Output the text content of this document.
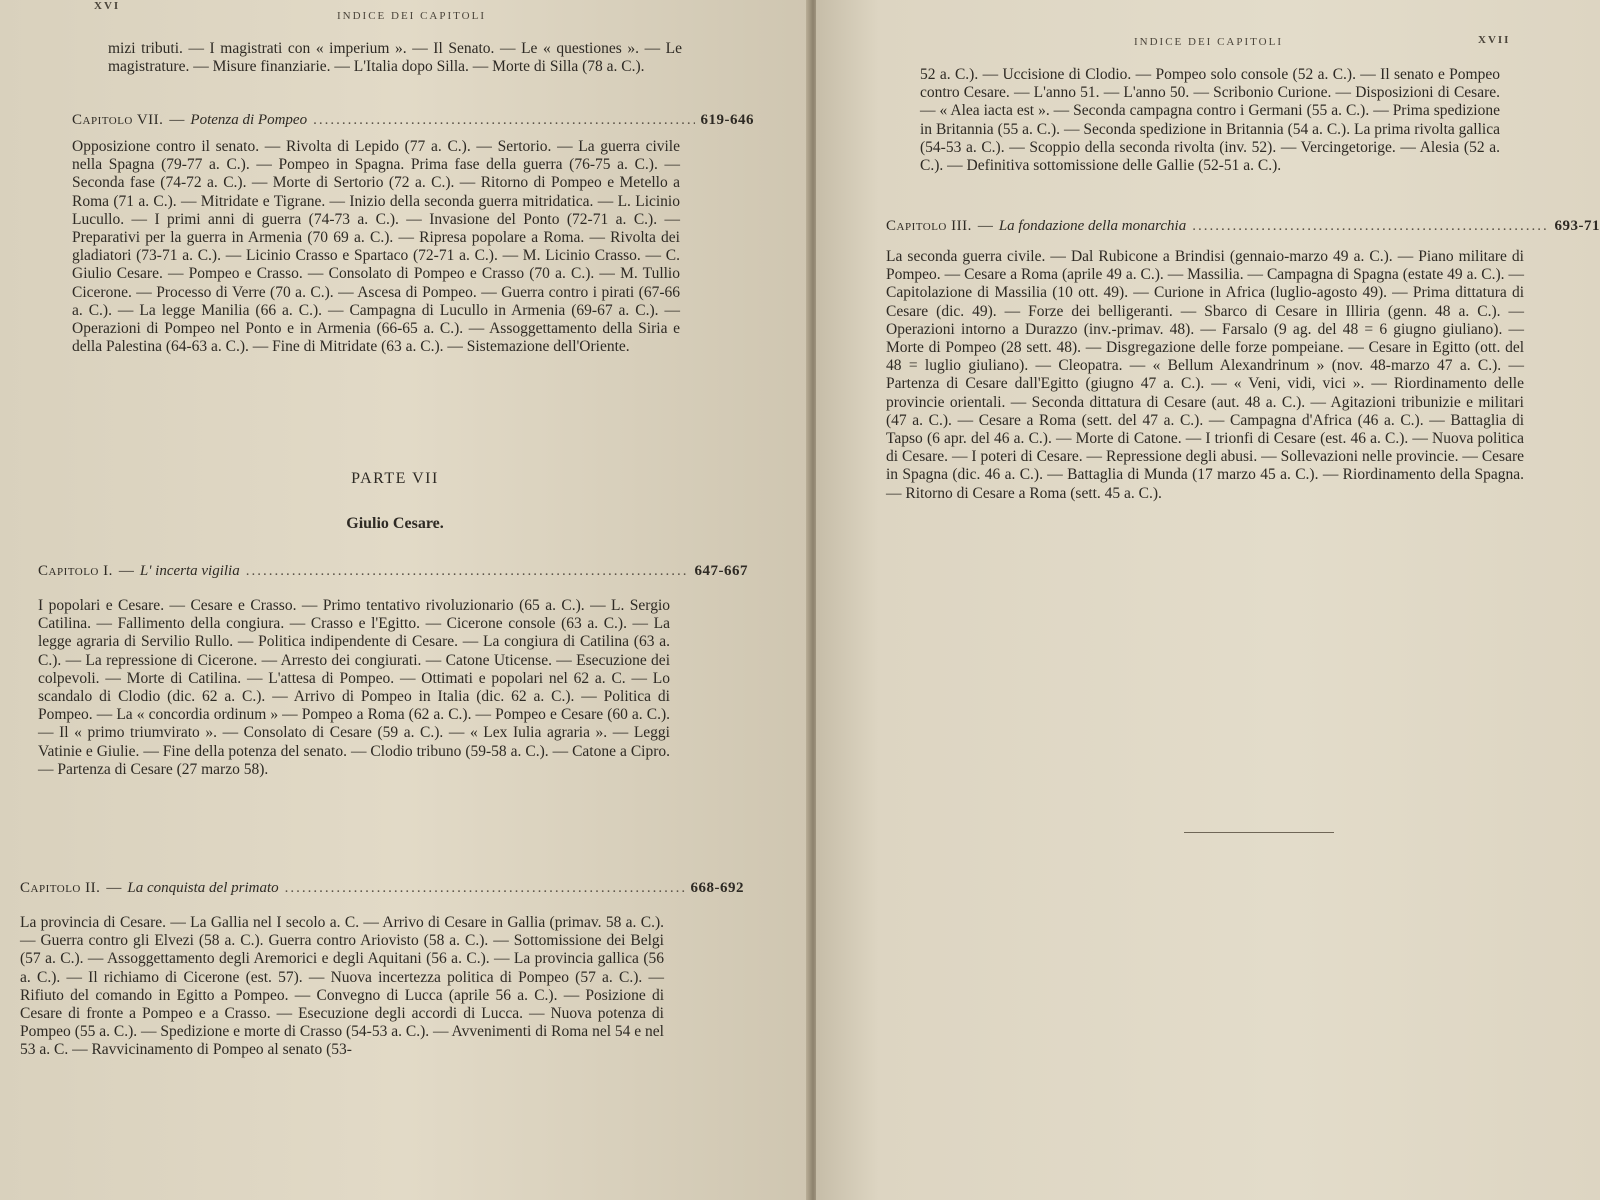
XVI
INDICE DEI CAPITOLI

mizi tributi. — I magistrati con « imperium ». — Il Senato. — Le « questiones ». — Le magistrature. — Misure finanziarie. — L'Italia dopo Silla. — Morte di Silla (78 a. C.).

Capitolo VII. — Potenza di Pompeo .....	619-646

Opposizione contro il senato. — Rivolta di Lepido (77 a. C.). — Sertorio. — La guerra civile nella Spagna (79-77 a. C.). — Pompeo in Spagna. Prima fase della guerra (76-75 a. C.). — Seconda fase (74-72 a. C.). — Morte di Sertorio (72 a. C.). — Ritorno di Pompeo e Metello a Roma (71 a. C.). — Mitridate e Tigrane. — Inizio della seconda guerra mitridatica. — L. Licinio Lucullo. — I primi anni di guerra (74-73 a. C.). — Invasione del Ponto (72-71 a. C.). — Preparativi per la guerra in Armenia (70 69 a. C.). — Ripresa popolare a Roma. — Rivolta dei gladiatori (73-71 a. C.). — Licinio Crasso e Spartaco (72-71 a. C.). — M. Licinio Crasso. — C. Giulio Cesare. — Pompeo e Crasso. — Consolato di Pompeo e Crasso (70 a. C.). — M. Tullio Cicerone. — Processo di Verre (70 a. C.). — Ascesa di Pompeo. — Guerra contro i pirati (67-66 a. C.). — La legge Manilia (66 a. C.). — Campagna di Lucullo in Armenia (69-67 a. C.). — Operazioni di Pompeo nel Ponto e in Armenia (66-65 a. C.). — Assoggettamento della Siria e della Palestina (64-63 a. C.). — Fine di Mitridate (63 a. C.). — Sistemazione dell'Oriente.

PARTE VII
Giulio Cesare.
Capitolo I. — L' incerta vigilia .....	647-667

I popolari e Cesare. — Cesare e Crasso. — Primo tentativo rivoluzionario (65 a. C.). — L. Sergio Catilina. — Fallimento della congiura. — Crasso e l'Egitto. — Cicerone console (63 a. C.). — La legge agraria di Servilio Rullo. — Politica indipendente di Cesare. — La congiura di Catilina (63 a. C.). — La repressione di Cicerone. — Arresto dei congiurati. — Catone Uticense. — Esecuzione dei colpevoli. — Morte di Catilina. — L'attesa di Pompeo. — Ottimati e popolari nel 62 a. C. — Lo scandalo di Clodio (dic. 62 a. C.). — Arrivo di Pompeo in Italia (dic. 62 a. C.). — Politica di Pompeo. — La « concordia ordinum » — Pompeo a Roma (62 a. C.). — Pompeo e Cesare (60 a. C.). — Il « primo triumvirato ». — Consolato di Cesare (59 a. C.). — « Lex Iulia agraria ». — Leggi Vatinie e Giulie. — Fine della potenza del senato. — Clodio tribuno (59-58 a. C.). — Catone a Cipro. — Partenza di Cesare (27 marzo 58).

Capitolo II. — La conquista del primato .....	668-692

La provincia di Cesare. — La Gallia nel I secolo a. C. — Arrivo di Cesare in Gallia (primav. 58 a. C.). — Guerra contro gli Elvezi (58 a. C.). Guerra contro Ariovisto (58 a. C.). — Sottomissione dei Belgi (57 a. C.). — Assoggettamento degli Aremorici e degli Aquitani (56 a. C.). — La provincia gallica (56 a. C.). — Il richiamo di Cicerone (est. 57). — Nuova incertezza politica di Pompeo (57 a. C.). — Rifiuto del comando in Egitto a Pompeo. — Convegno di Lucca (aprile 56 a. C.). — Posizione di Cesare di fronte a Pompeo e a Crasso. — Esecuzione degli accordi di Lucca. — Nuova potenza di Pompeo (55 a. C.). — Spedizione e morte di Crasso (54-53 a. C.). — Avvenimenti di Roma nel 54 e nel 53 a. C. — Ravvicinamento di Pompeo al senato (53-

INDICE DEI CAPITOLI	XVII

52 a. C.). — Uccisione di Clodio. — Pompeo solo console (52 a. C.). — Il senato e Pompeo contro Cesare. — L'anno 51. — L'anno 50. — Scribonio Curione. — Disposizioni di Cesare. — « Alea iacta est ». — Seconda campagna contro i Germani (55 a. C.). — Prima spedizione in Britannia (55 a. C.). — Seconda spedizione in Britannia (54 a. C.). La prima rivolta gallica (54-53 a. C.). — Scoppio della seconda rivolta (inv. 52). — Vercingetorige. — Alesia (52 a. C.). — Definitiva sottomissione delle Gallie (52-51 a. C.).

Capitolo III. — La fondazione della monarchia .....	693-71

La seconda guerra civile. — Dal Rubicone a Brindisi (gennaio-marzo 49 a. C.). — Piano militare di Pompeo. — Cesare a Roma (aprile 49 a. C.). — Massilia. — Campagna di Spagna (estate 49 a. C.). — Capitolazione di Massilia (10 ott. 49). — Curione in Africa (luglio-agosto 49). — Prima dittatura di Cesare (dic. 49). — Forze dei belligeranti. — Sbarco di Cesare in Illiria (genn. 48 a. C.). — Operazioni intorno a Durazzo (inv.-primav. 48). — Farsalo (9 ag. del 48 = 6 giugno giuliano). — Morte di Pompeo (28 sett. 48). — Disgregazione delle forze pompeiane. — Cesare in Egitto (ott. del 48 = luglio giuliano). — Cleopatra. — « Bellum Alexandrinum » (nov. 48-marzo 47 a. C.). — Partenza di Cesare dall'Egitto (giugno 47 a. C.). — « Veni, vidi, vici ». — Riordinamento delle provincie orientali. — Seconda dittatura di Cesare (aut. 48 a. C.). — Agitazioni tribunizie e militari (47 a. C.). — Cesare a Roma (sett. del 47 a. C.). — Campagna d'Africa (46 a. C.). — Battaglia di Tapso (6 apr. del 46 a. C.). — Morte di Catone. — I trionfi di Cesare (est. 46 a. C.). — Nuova politica di Cesare. — I poteri di Cesare. — Repressione degli abusi. — Sollevazioni nelle provincie. — Cesare in Spagna (dic. 46 a. C.). — Battaglia di Munda (17 marzo 45 a. C.). — Riordinamento della Spagna. — Ritorno di Cesare a Roma (sett. 45 a. C.).
